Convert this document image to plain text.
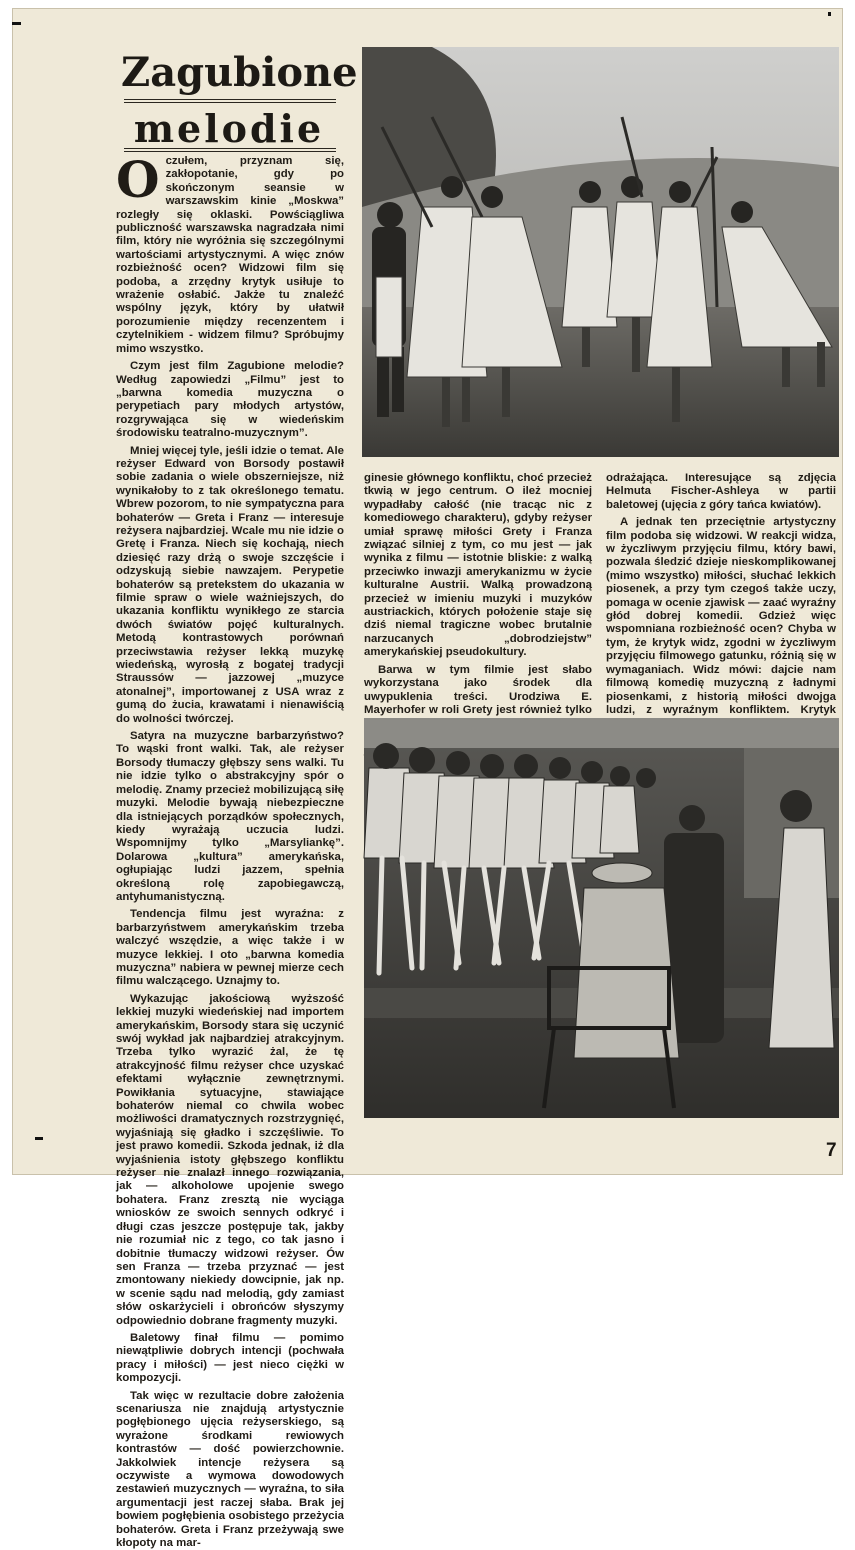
Zagubione
melodie

O czułem, przyznam się, zakłopotanie, gdy po skończonym seansie w warszawskim kinie „Moskwa” rozległy się oklaski. Powściągliwa publiczność warszawska nagradzała nimi film, który nie wyróżnia się szczególnymi wartościami artystycznymi. A więc znów rozbieżność ocen? Widzowi film się podoba, a zrzędny krytyk usiłuje to wrażenie osłabić. Jakże tu znaleźć wspólny język, który by ułatwił porozumienie między recenzentem i czytelnikiem - widzem filmu? Spróbujmy mimo wszystko.

Czym jest film Zagubione melodie? Według zapowiedzi „Filmu” jest to „barwna komedia muzyczna o perypetiach pary młodych artystów, rozgrywająca się w wiedeńskim środowisku teatralno-muzycznym”.

Mniej więcej tyle, jeśli idzie o temat. Ale reżyser Edward von Borsody postawił sobie zadania o wiele obszerniejsze, niż wynikałoby to z tak określonego tematu. Wbrew pozorom, to nie sympatyczna para bohaterów — Greta i Franz — interesuje reżysera najbardziej. Wcale mu nie idzie o Gretę i Franza. Niech się kochają, niech dziesięć razy drżą o swoje szczęście i odzyskują siebie nawzajem. Perypetie bohaterów są pretekstem do ukazania w filmie spraw o wiele ważniejszych, do ukazania konfliktu wynikłego ze starcia dwóch światów pojęć kulturalnych. Metodą kontrastowych porównań przeciwstawia reżyser lekką muzykę wiedeńską, wyrosłą z bogatej tradycji Straussów — jazzowej „muzyce atonalnej”, importowanej z USA wraz z gumą do żucia, krawatami i nienawiścią do wolności twórczej.

Satyra na muzyczne barbarzyństwo? To wąski front walki. Tak, ale reżyser Borsody tłumaczy głębszy sens walki. Tu nie idzie tylko o abstrakcyjny spór o melodię. Znamy przecież mobilizującą siłę muzyki. Melodie bywają niebezpieczne dla istniejących porządków społecznych, kiedy wyrażają uczucia ludzi. Wspomnijmy tylko „Marsyliankę”. Dolarowa „kultura” amerykańska, ogłupiając ludzi jazzem, spełnia określoną rolę zapobiegawczą, antyhumanistyczną.

Tendencja filmu jest wyraźna: z barbarzyństwem amerykańskim trzeba walczyć wszędzie, a więc także i w muzyce lekkiej. I oto „barwna komedia muzyczna” nabiera w pewnej mierze cech filmu walczącego. Uznajmy to.

Wykazując jakościową wyższość lekkiej muzyki wiedeńskiej nad importem amerykańskim, Borsody stara się uczynić swój wykład jak najbardziej atrakcyjnym. Trzeba tylko wyrazić żal, że tę atrakcyjność filmu reżyser chce uzyskać efektami wyłącznie zewnętrznymi. Powikłania sytuacyjne, stawiające bohaterów niemal co chwila wobec możliwości dramatycznych rozstrzygnięć, wyjaśniają się gładko i szczęśliwie. To jest prawo komedii. Szkoda jednak, iż dla wyjaśnienia istoty głębszego konfliktu reżyser nie znalazł innego rozwiązania, jak — alkoholowe upojenie swego bohatera. Franz zresztą nie wyciąga wniosków ze swoich sennych odkryć i długi czas jeszcze postępuje tak, jakby nie rozumiał nic z tego, co tak jasno i dobitnie tłumaczy widzowi reżyser. Ów sen Franza — trzeba przyznać — jest zmontowany niekiedy dowcipnie, jak np. w scenie sądu nad melodią, gdy zamiast słów oskarżycieli i obrońców słyszymy odpowiednio dobrane fragmenty muzyki.

Baletowy finał filmu — pomimo niewątpliwie dobrych intencji (pochwała pracy i miłości) — jest nieco ciężki w kompozycji.

Tak więc w rezultacie dobre założenia scenariusza nie znajdują artystycznie pogłębionego ujęcia reżyserskiego, są wyrażone środkami rewiowych kontrastów — dość powierzchownie. Jakkolwiek intencje reżysera są oczywiste a wymowa dowodowych zestawień muzycznych — wyraźna, to siła argumentacji jest raczej słaba. Brak jej bowiem pogłębienia osobistego przeżycia bohaterów. Greta i Franz przeżywają swe kłopoty na mar-

ginesie głównego konfliktu, choć przecież tkwią w jego centrum. O ileż mocniej wypadłaby całość (nie tracąc nic z komediowego charakteru), gdyby reżyser umiał sprawę miłości Grety i Franza związać silniej z tym, co mu jest — jak wynika z filmu — istotnie bliskie: z walką przeciwko inwazji amerykanizmu w życie kulturalne Austrii. Walką prowadzoną przecież w imieniu muzyki i muzyków austriackich, których położenie staje się dziś niemal tragiczne wobec brutalnie narzucanych „dobrodziejstw” amerykańskiej pseudokultury.

Barwa w tym filmie jest słabo wykorzystana jako środek dla uwypuklenia treści. Urodziwa E. Mayerhofer w roli Grety jest również tylko

odrażająca. Interesujące są zdjęcia Helmuta Fischer-Ashleya w partii baletowej (ujęcia z góry tańca kwiatów).

A jednak ten przeciętnie artystyczny film podoba się widzowi. W reakcji widza, w życzliwym przyjęciu filmu, który bawi, pozwala śledzić dzieje nieskomplikowanej (mimo wszystko) miłości, słuchać lekkich piosenek, a przy tym czegoś także uczy, pomaga w ocenie zjawisk — zaać wyraźny głód dobrej komedii. Gdzież więc wspomniana rozbieżność ocen? Chyba w tym, że krytyk widz, zgodni w życzliwym przyjęciu filmowego gatunku, różnią się w wymaganiach. Widz mówi: dajcie nam filmową komedię muzyczną z ładnymi piosenkami, z historią miłości dwojga ludzi, z wyraźnym konfliktem. Krytyk

7
